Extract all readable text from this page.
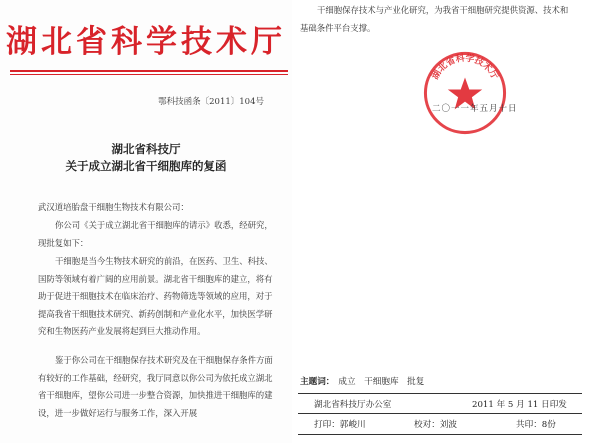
湖北省科学技术厅
鄂科技函条〔2011〕104号
湖北省科技厅
关于成立湖北省干细胞库的复函

武汉道培胎盘干细胞生物技术有限公司：

你公司《关于成立湖北省干细胞库的请示》收悉，经研究，现批复如下：

干细胞是当今生物技术研究的前沿，在医药、卫生、科技、国防等领域有着广阔的应用前景。湖北省干细胞库的建立，将有助于促进干细胞技术在临床治疗、药物筛选等领域的应用，对于提高我省干细胞技术研究、新药创制和产业化水平，加快医学研究和生物医药产业发展将起到巨大推动作用。

鉴于你公司在干细胞保存技术研究及在干细胞保存条件方面有较好的工作基础，经研究，我厅同意以你公司为依托成立湖北省干细胞库，望你公司进一步整合资源，加快推进干细胞库的建设，进一步做好运行与服务工作，深入开展

干细胞保存技术与产业化研究，为我省干细胞研究提供资源、技术和基础条件平台支撑。

湖北省科学技术厅
二〇一一年五月十日
主题词： 成立　干细胞库　批复
湖北省科技厅办公室	2011 年 5 月 11 日印发
打印：郭峻川	校对：刘波	共印：8份
